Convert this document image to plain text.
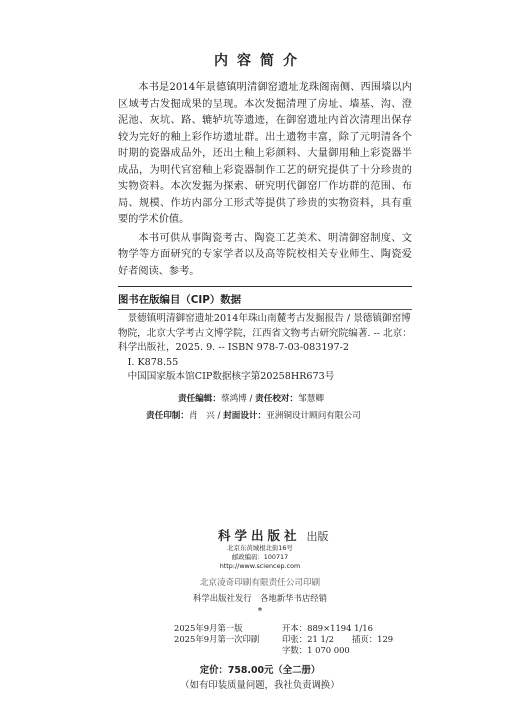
内容简介

本书是2014年景德镇明清御窑遗址龙珠阁南侧、西围墙以内区域考古发掘成果的呈现。本次发掘清理了房址、墙基、沟、澄泥池、灰坑、路、辘轳坑等遗迹，在御窑遗址内首次清理出保存较为完好的釉上彩作坊遗址群。出土遗物丰富，除了元明清各个时期的瓷器成品外，还出土釉上彩颜料、大量御用釉上彩瓷器半成品，为明代官窑釉上彩瓷器制作工艺的研究提供了十分珍贵的实物资料。本次发掘为探索、研究明代御窑厂作坊群的范围、布局、规模、作坊内部分工形式等提供了珍贵的实物资料，具有重要的学术价值。

本书可供从事陶瓷考古、陶瓷工艺美术、明清御窑制度、文物学等方面研究的专家学者以及高等院校相关专业师生、陶瓷爱好者阅读、参考。

图书在版编目（CIP）数据

景德镇明清御窑遗址2014年珠山南麓考古发掘报告 / 景德镇御窑博物院，北京大学考古文博学院，江西省文物考古研究院编著. -- 北京：科学出版社，2025. 9. -- ISBN 978-7-03-083197-2

Ⅰ. K878.55

中国国家版本馆CIP数据核字第20258HR673号

责任编辑：蔡鸿博 / 责任校对：邹慧卿
责任印制：肖　兴 / 封面设计：亚洲铜设计顾问有限公司
科学出版社 出版
北京东黄城根北街16号
邮政编码：100717
http://www.sciencep.com
北京凌奇印刷有限责任公司印刷
科学出版社发行　各地新华书店经销
*
2025年9月第一版	开本：889×1194 1/16
2025年9月第一次印刷	印张：21 1/2	插页：129
字数：1 070 000
定价：758.00元（全二册）
（如有印装质量问题，我社负责调换）
